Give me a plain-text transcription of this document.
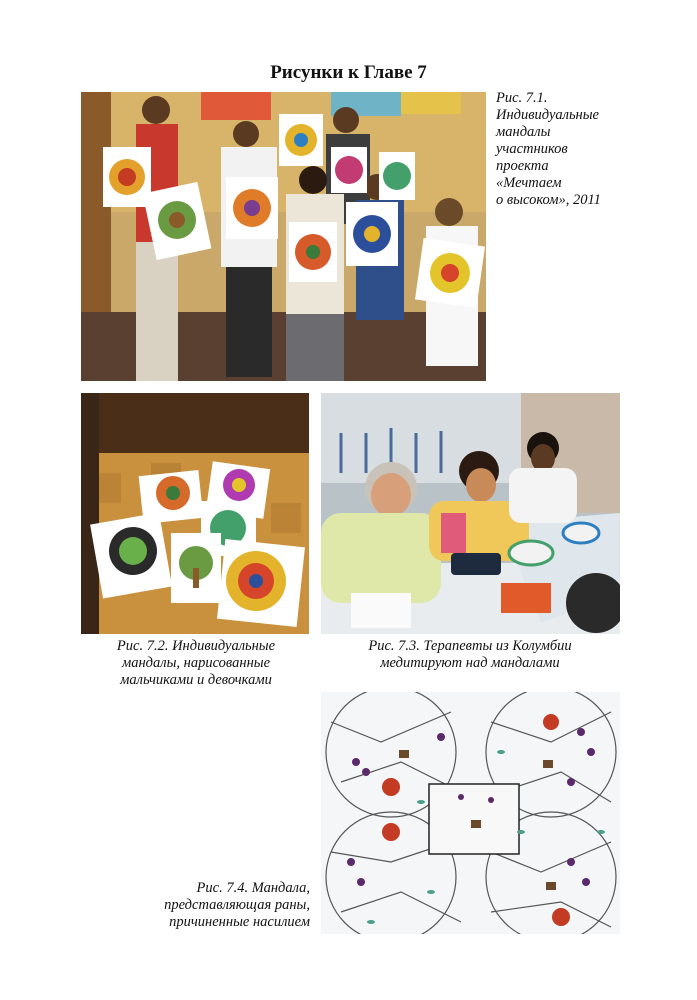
Рисунки к Главе 7
Рис. 7.1.
Индивидуальные
мандалы
участников
проекта
«Мечтаем
о высоком», 2011
Рис. 7.2. Индивидуальные
мандалы, нарисованные
мальчиками и девочками
Рис. 7.3. Терапевты из Колумбии
медитируют над мандалами
Рис. 7.4. Мандала,
представляющая раны,
причиненные насилием
